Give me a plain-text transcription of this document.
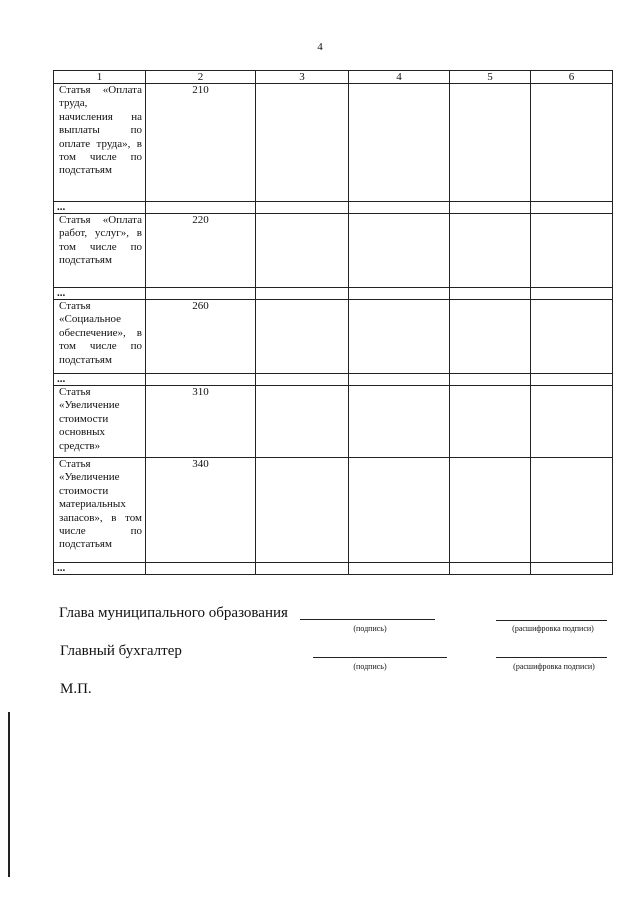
4
1	2	3	4	5	6
Статья «Оплата труда, начисления на выплаты по оплате труда», в том числе по подстатьям	210				
...					
Статья «Оплата работ, услуг», в том числе по подстатьям	220				
...					
Статья «Социальное обеспечение», в том числе по подстатьям	260				
...					
Статья «Увеличение стоимости основных средств»	310				
Статья «Увеличение стоимости материальных запасов», в том числе по подстатьям	340				
...					
Глава муниципального образования
(подпись)	(расшифровка подписи)
Главный бухгалтер
(подпись)	(расшифровка подписи)
М.П.
